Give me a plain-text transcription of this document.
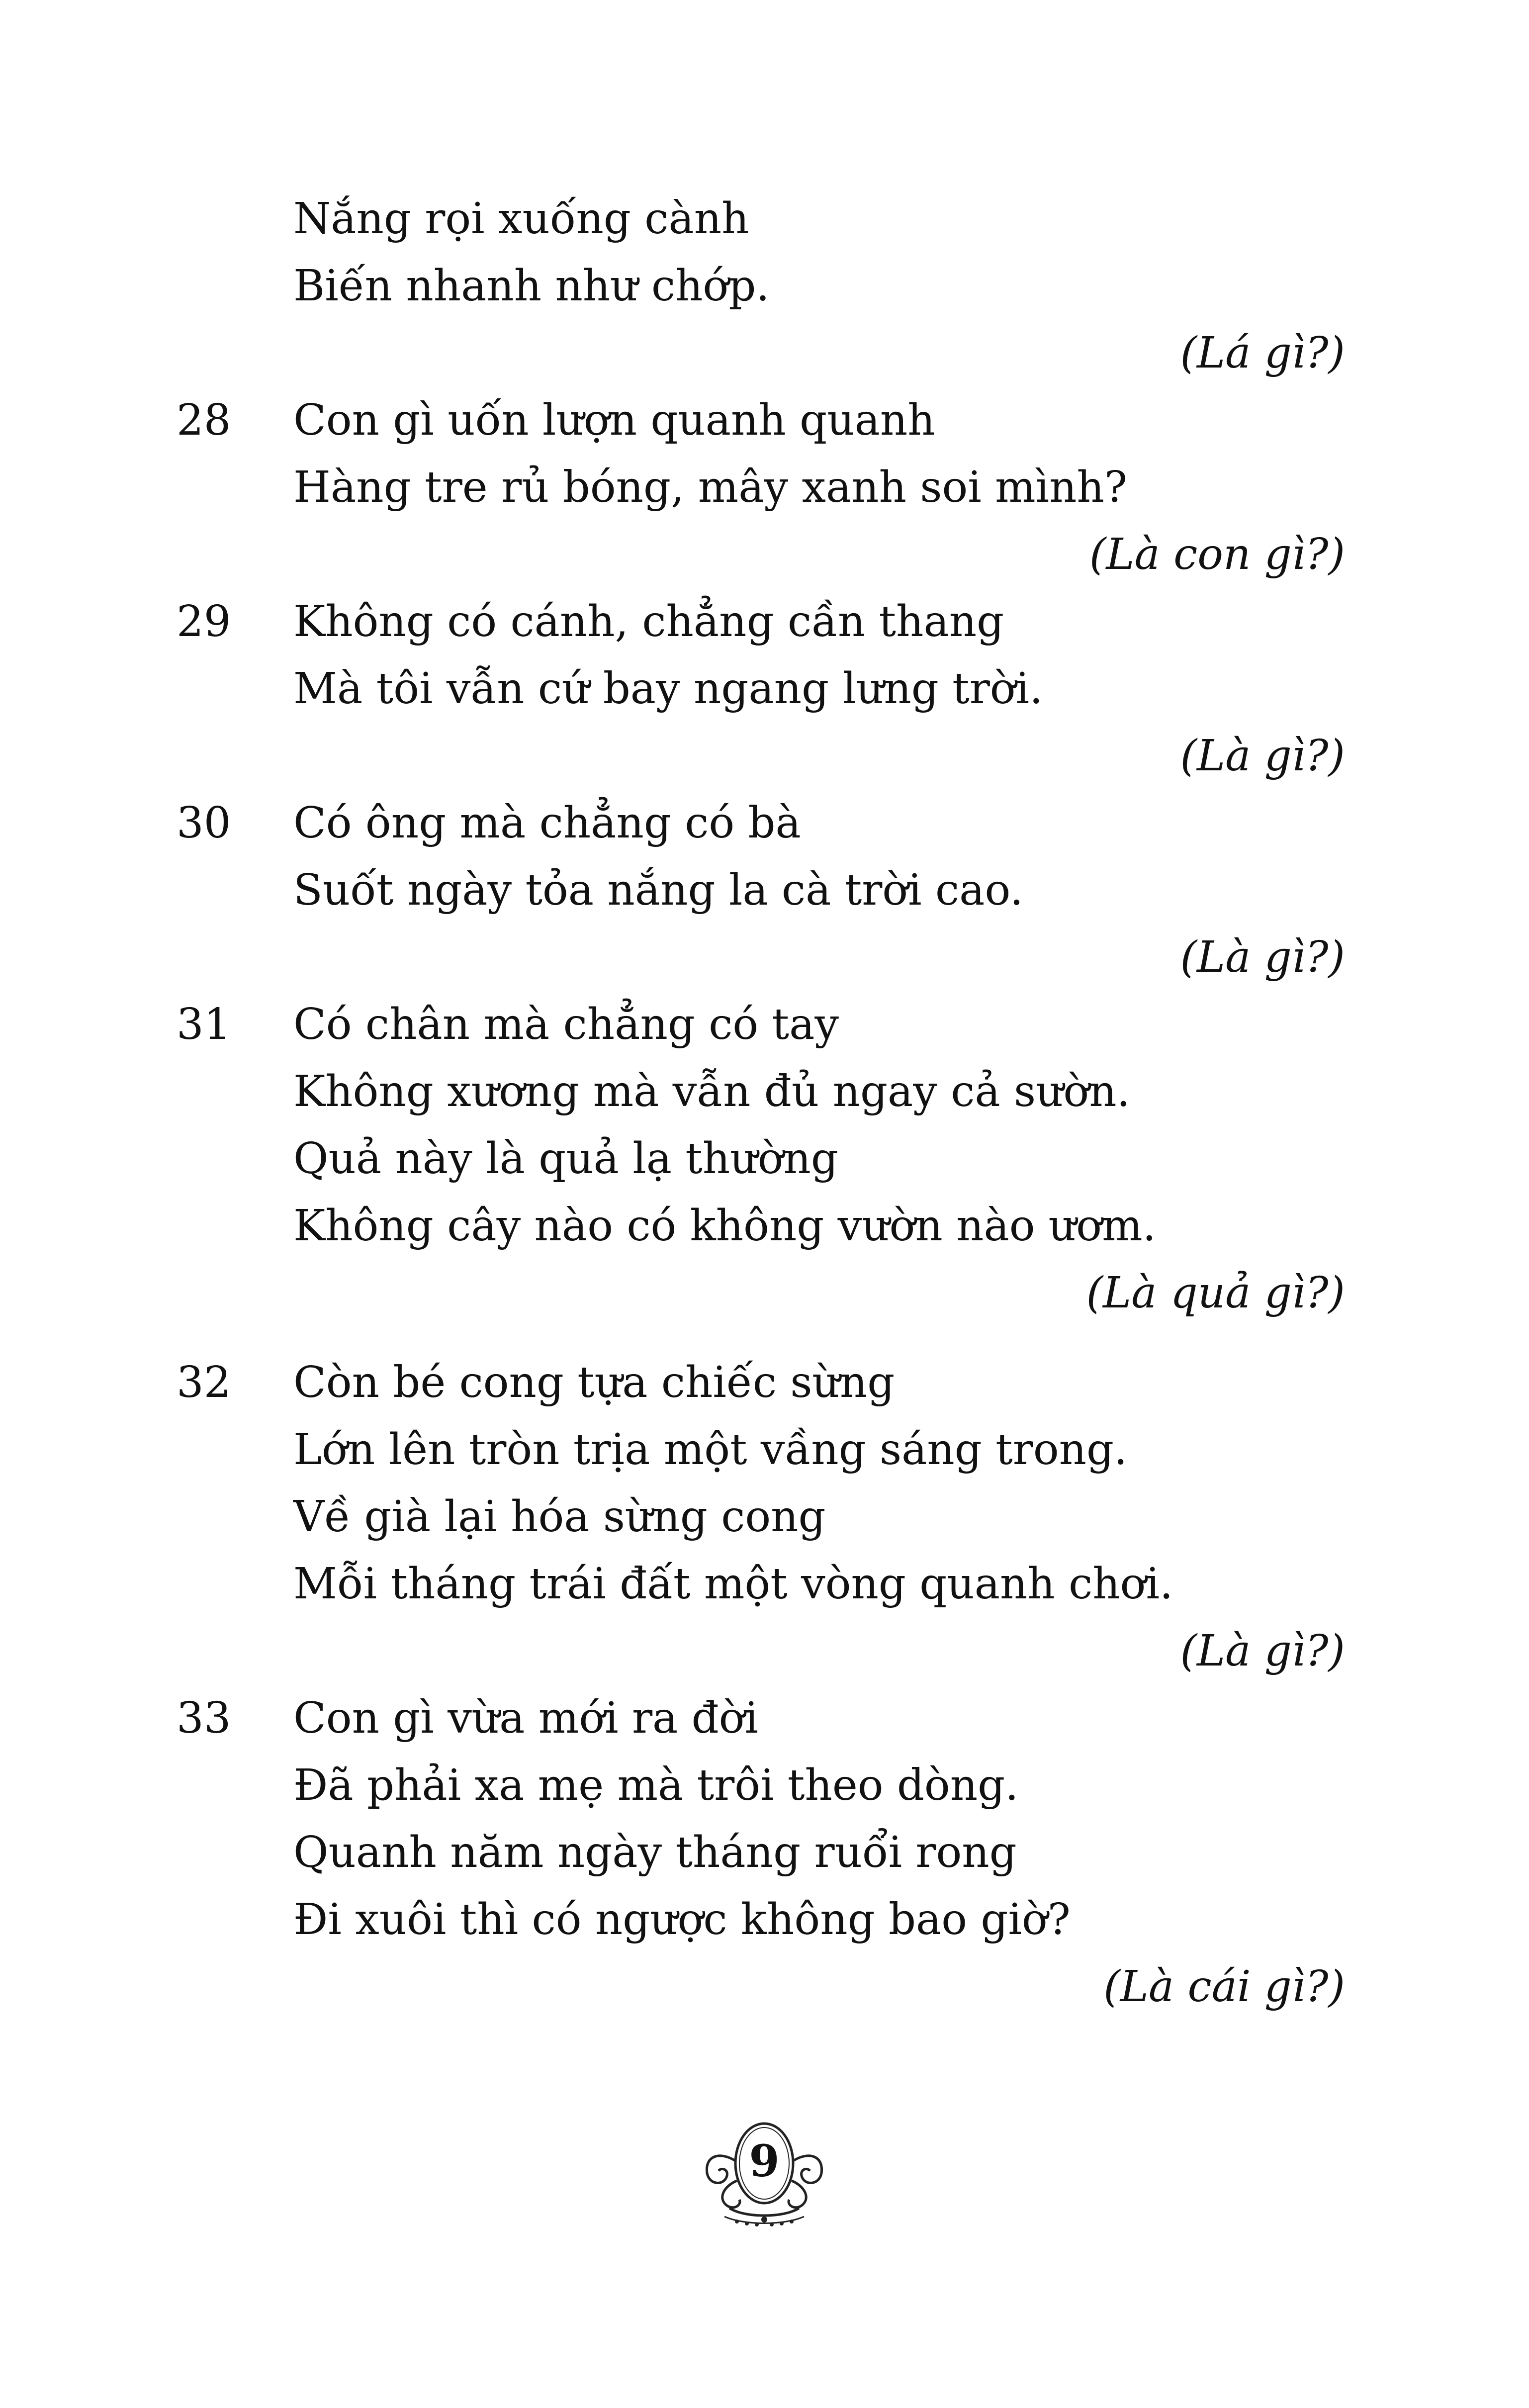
Nắng rọi xuống cành
Biến nhanh như chớp.
(Lá gì?)
28 Con gì uốn lượn quanh quanh
Hàng tre rủ bóng, mây xanh soi mình?
(Là con gì?)
29 Không có cánh, chẳng cần thang
Mà tôi vẫn cứ bay ngang lưng trời.
(Là gì?)
30 Có ông mà chẳng có bà
Suốt ngày tỏa nắng la cà trời cao.
(Là gì?)
31 Có chân mà chẳng có tay
Không xương mà vẫn đủ ngay cả sườn.
Quả này là quả lạ thường
Không cây nào có không vườn nào ươm.
(Là quả gì?)
32 Còn bé cong tựa chiếc sừng
Lớn lên tròn trịa một vầng sáng trong.
Về già lại hóa sừng cong
Mỗi tháng trái đất một vòng quanh chơi.
(Là gì?)
33 Con gì vừa mới ra đời
Đã phải xa mẹ mà trôi theo dòng.
Quanh năm ngày tháng ruổi rong
Đi xuôi thì có ngược không bao giờ?
(Là cái gì?)
9
